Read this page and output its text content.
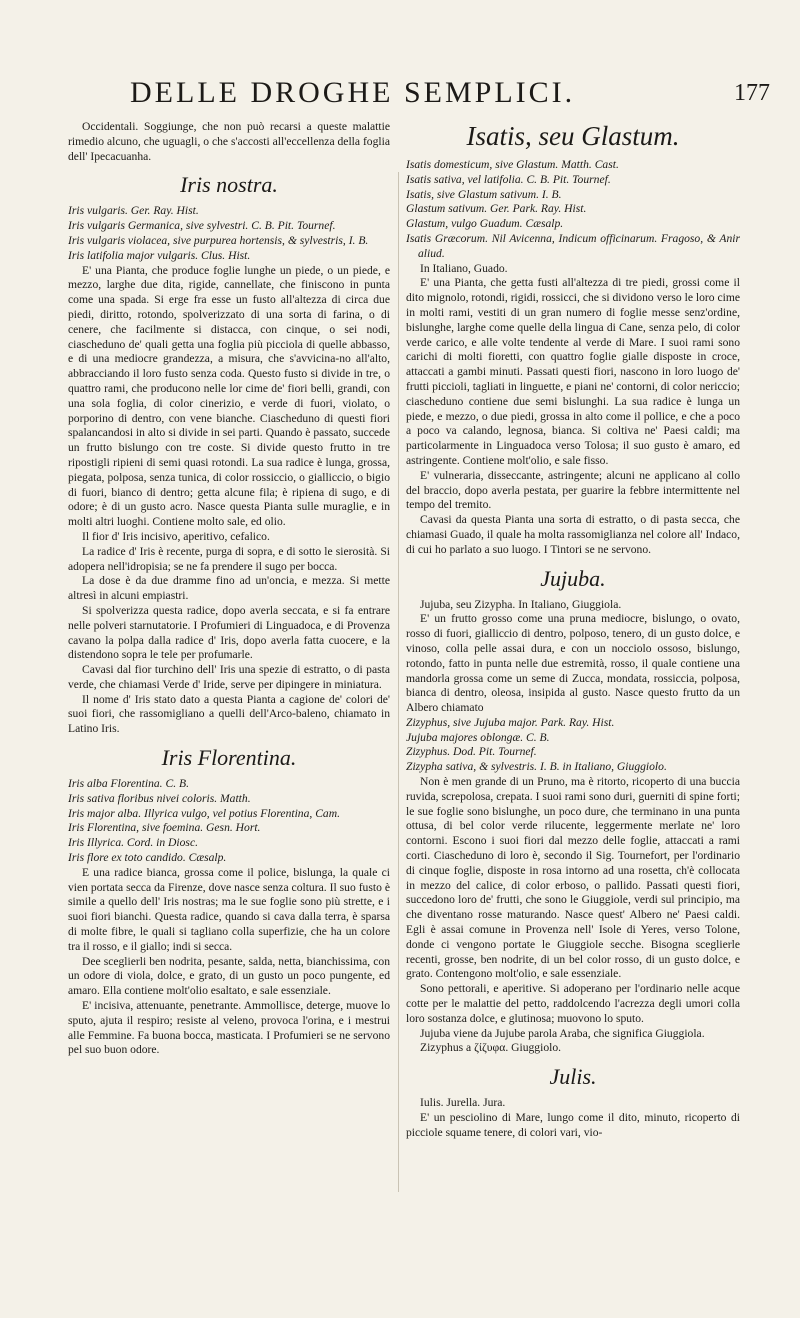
DELLE DROGHE SEMPLICI.	177

Occidentali. Soggiunge, che non può recarsi a queste malattie rimedio alcuno, che uguagli, o che s'accosti all'eccellenza della foglia dell' Ipecacuanha.

Iris nostra.

Iris vulgaris. Ger. Ray. Hist.

Iris vulgaris Germanica, sive sylvestri. C. B. Pit. Tournef.

Iris vulgaris violacea, sive purpurea hortensis, & sylvestris, I. B.

Iris latifolia major vulgaris. Clus. Hist.

E' una Pianta, che produce foglie lunghe un piede, o un piede, e mezzo, larghe due dita, rigide, cannellate, che finiscono in punta come una spada. Si erge fra esse un fusto all'altezza di circa due piedi, diritto, rotondo, spolverizzato di una sorta di farina, o di cenere, che facilmente si distacca, con cinque, o sei nodi, ciascheduno de' quali getta una foglia più picciola di quelle abbasso, e di una mediocre grandezza, a misura, che s'avvicina-no all'alto, abbracciando il loro fusto senza coda. Questo fusto si divide in tre, o quattro rami, che producono nelle lor cime de' fiori belli, grandi, con una sola foglia, di color cinerizio, e verde di fuori, violato, o porporino di dentro, con vene bianche. Ciascheduno di questi fiori spalancandosi in alto si divide in sei parti. Quando è passato, succede un frutto bislungo con tre coste. Si divide questo frutto in tre ripostigli ripieni di semi quasi rotondi. La sua radice è lunga, grossa, piegata, polposa, senza tunica, di color rossiccio, o gialliccio, o bigio di fuori, bianco di dentro; getta alcune fila; è ripiena di sugo, e di odore; è di un gusto acro. Nasce questa Pianta sulle muraglie, e in molti altri luoghi. Contiene molto sale, ed olio.

Il fior d' Iris incisivo, aperitivo, cefalico.

La radice d' Iris è recente, purga di sopra, e di sotto le sierosità. Si adopera nell'idropisia; se ne fa prendere il sugo per bocca.

La dose è da due dramme fino ad un'oncia, e mezza. Si mette altresì in alcuni empiastri.

Si spolverizza questa radice, dopo averla seccata, e si fa entrare nelle polveri starnutatorie. I Profumieri di Linguadoca, e di Provenza cavano la polpa dalla radice d' Iris, dopo averla fatta cuocere, e la distendono sopra le tele per profumarle.

Cavasi dal fior turchino dell' Iris una spezie di estratto, o di pasta verde, che chiamasi Verde d' Iride, serve per dipingere in miniatura.

Il nome d' Iris stato dato a questa Pianta a cagione de' colori de' suoi fiori, che rassomigliano a quelli dell'Arco-baleno, chiamato in Latino Iris.

Iris Florentina.

Iris alba Florentina. C. B.

Iris sativa floribus nivei coloris. Matth.

Iris major alba. Illyrica vulgo, vel potius Florentina, Cam.

Iris Florentina, sive foemina. Gesn. Hort.

Iris Illyrica. Cord. in Diosc.

Iris flore ex toto candido. Cæsalp.

E una radice bianca, grossa come il police, bislunga, la quale ci vien portata secca da Firenze, dove nasce senza coltura. Il suo fusto è simile a quello dell' Iris nostras; ma le sue foglie sono più strette, e i suoi fiori bianchi. Questa radice, quando si cava dalla terra, è sparsa di molte fibre, le quali si tagliano colla superfizie, che ha un colore tra il rosso, e il giallo; indi si secca.

Dee sceglierli ben nodrita, pesante, salda, netta, bianchissima, con un odore di viola, dolce, e grato, di un gusto un poco pungente, ed amaro. Ella contiene molt'olio esaltato, e sale essenziale.

E' incisiva, attenuante, penetrante. Ammollisce, deterge, muove lo sputo, ajuta il respiro; resiste al veleno, provoca l'orina, e i mestrui alle Femmine. Fa buona bocca, masticata. I Profumieri se ne servono pel suo buon odore.

Isatis, seu Glastum.

Isatis domesticum, sive Glastum. Matth. Cast.

Isatis sativa, vel latifolia. C. B. Pit. Tournef.

Isatis, sive Glastum sativum. I. B.

Glastum sativum. Ger. Park. Ray. Hist.

Glastum, vulgo Guadum. Cæsalp.

Isatis Græcorum. Nil Avicenna, Indicum officinarum. Fragoso, & Anir aliud.

In Italiano, Guado.

E' una Pianta, che getta fusti all'altezza di tre piedi, grossi come il dito mignolo, rotondi, rigidi, rossicci, che si dividono verso le loro cime in molti rami, vestiti di un gran numero di foglie messe senz'ordine, bislunghe, larghe come quelle della lingua di Cane, senza pelo, di color verde carico, e alle volte tendente al verde di Mare. I suoi rami sono carichi di molti fioretti, con quattro foglie gialle disposte in croce, attaccati a gambi minuti. Passati questi fiori, nascono in loro luogo de' frutti piccioli, tagliati in linguette, e piani ne' contorni, di color nericcio; ciascheduno contiene due semi bislunghi. La sua radice è lunga un piede, e mezzo, o due piedi, grossa in alto come il pollice, e che a poco a poco va calando, legnosa, bianca. Si coltiva ne' Paesi caldi; ma particolarmente in Linguadoca verso Tolosa; il suo gusto è amaro, ed astringente. Contiene molt'olio, e sale fisso.

E' vulneraria, disseccante, astringente; alcuni ne applicano al collo del braccio, dopo averla pestata, per guarire la febbre intermittente nel tempo del tremito.

Cavasi da questa Pianta una sorta di estratto, o di pasta secca, che chiamasi Guado, il quale ha molta rassomiglianza nel colore all' Indaco, di cui ho parlato a suo luogo. I Tintori se ne servono.

Jujuba.

Jujuba, seu Zizypha. In Italiano, Giuggiola.

E' un frutto grosso come una pruna mediocre, bislungo, o ovato, rosso di fuori, gialliccio di dentro, polposo, tenero, di un gusto dolce, e vinoso, colla pelle assai dura, e con un nocciolo ossoso, bislungo, rotondo, fatto in punta nelle due estremità, rosso, il quale contiene una mandorla grossa come un seme di Zucca, mondata, rossiccia, polposa, bianca di dentro, oleosa, insipida al gusto. Nasce questo frutto da un Albero chiamato

Zizyphus, sive Jujuba major. Park. Ray. Hist.

Jujuba majores oblongæ. C. B.

Zizyphus. Dod. Pit. Tournef.

Zizypha sativa, & sylvestris. I. B. in Italiano, Giuggiolo.

Non è men grande di un Pruno, ma è ritorto, ricoperto di una buccia ruvida, screpolosa, crepata. I suoi rami sono duri, guerniti di spine forti; le sue foglie sono bislunghe, un poco dure, che terminano in una punta ottusa, di bel color verde rilucente, leggermente merlate ne' loro contorni. Escono i suoi fiori dal mezzo delle foglie, attaccati a rami corti. Ciascheduno di loro è, secondo il Sig. Tournefort, per l'ordinario di cinque foglie, disposte in rosa intorno ad una rosetta, ch'è collocata in mezzo del calice, di color erboso, o pallido. Passati questi fiori, succedono loro de' frutti, che sono le Giuggiole, verdi sul principio, ma che diventano rosse maturando. Nasce quest' Albero ne' Paesi caldi. Egli è assai comune in Provenza nell' Isole di Yeres, verso Tolone, donde ci vengono portate le Giuggiole secche. Bisogna sceglierle recenti, grosse, ben nodrite, di un bel color rosso, di un gusto dolce, e grato. Contengono molt'olio, e sale essenziale.

Sono pettorali, e aperitive. Si adoperano per l'ordinario nelle acque cotte per le malattie del petto, raddolcendo l'acrezza degli umori colla loro sostanza dolce, e glutinosa; muovono lo sputo.

Jujuba viene da Jujube parola Araba, che significa Giuggiola.

Zizyphus a ζίζυφα. Giuggiolo.

Julis.

Iulis. Jurella. Jura.

E' un pesciolino di Mare, lungo come il dito, minuto, ricoperto di picciole squame tenere, di colori vari, vio-
